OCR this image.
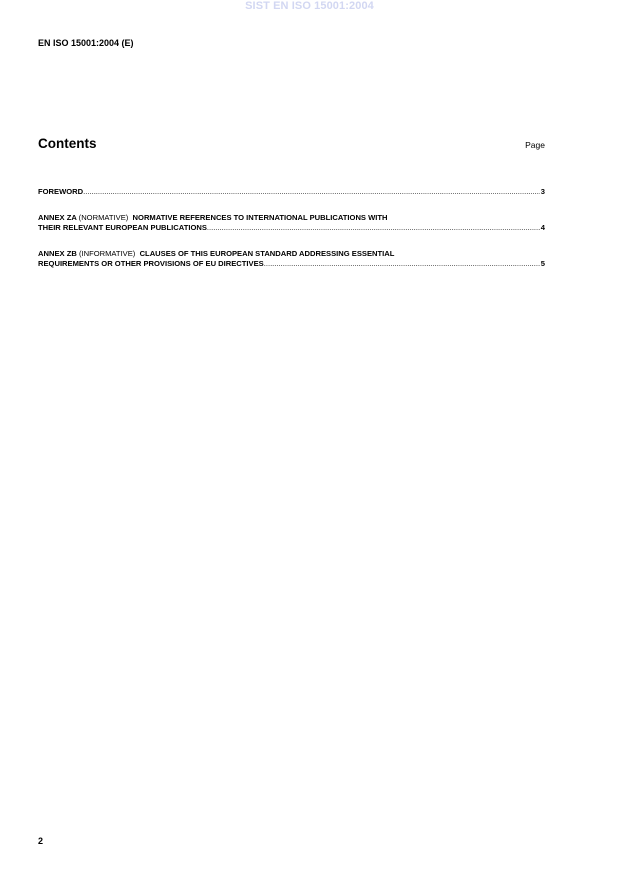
SIST EN ISO 15001:2004
EN ISO 15001:2004 (E)
Contents	Page
FOREWORD .....	3
ANNEX ZA (NORMATIVE) NORMATIVE REFERENCES TO INTERNATIONAL PUBLICATIONS WITH
THEIR RELEVANT EUROPEAN PUBLICATIONS .....	4
ANNEX ZB (INFORMATIVE) CLAUSES OF THIS EUROPEAN STANDARD ADDRESSING ESSENTIAL
REQUIREMENTS OR OTHER PROVISIONS OF EU DIRECTIVES .....	5
2
